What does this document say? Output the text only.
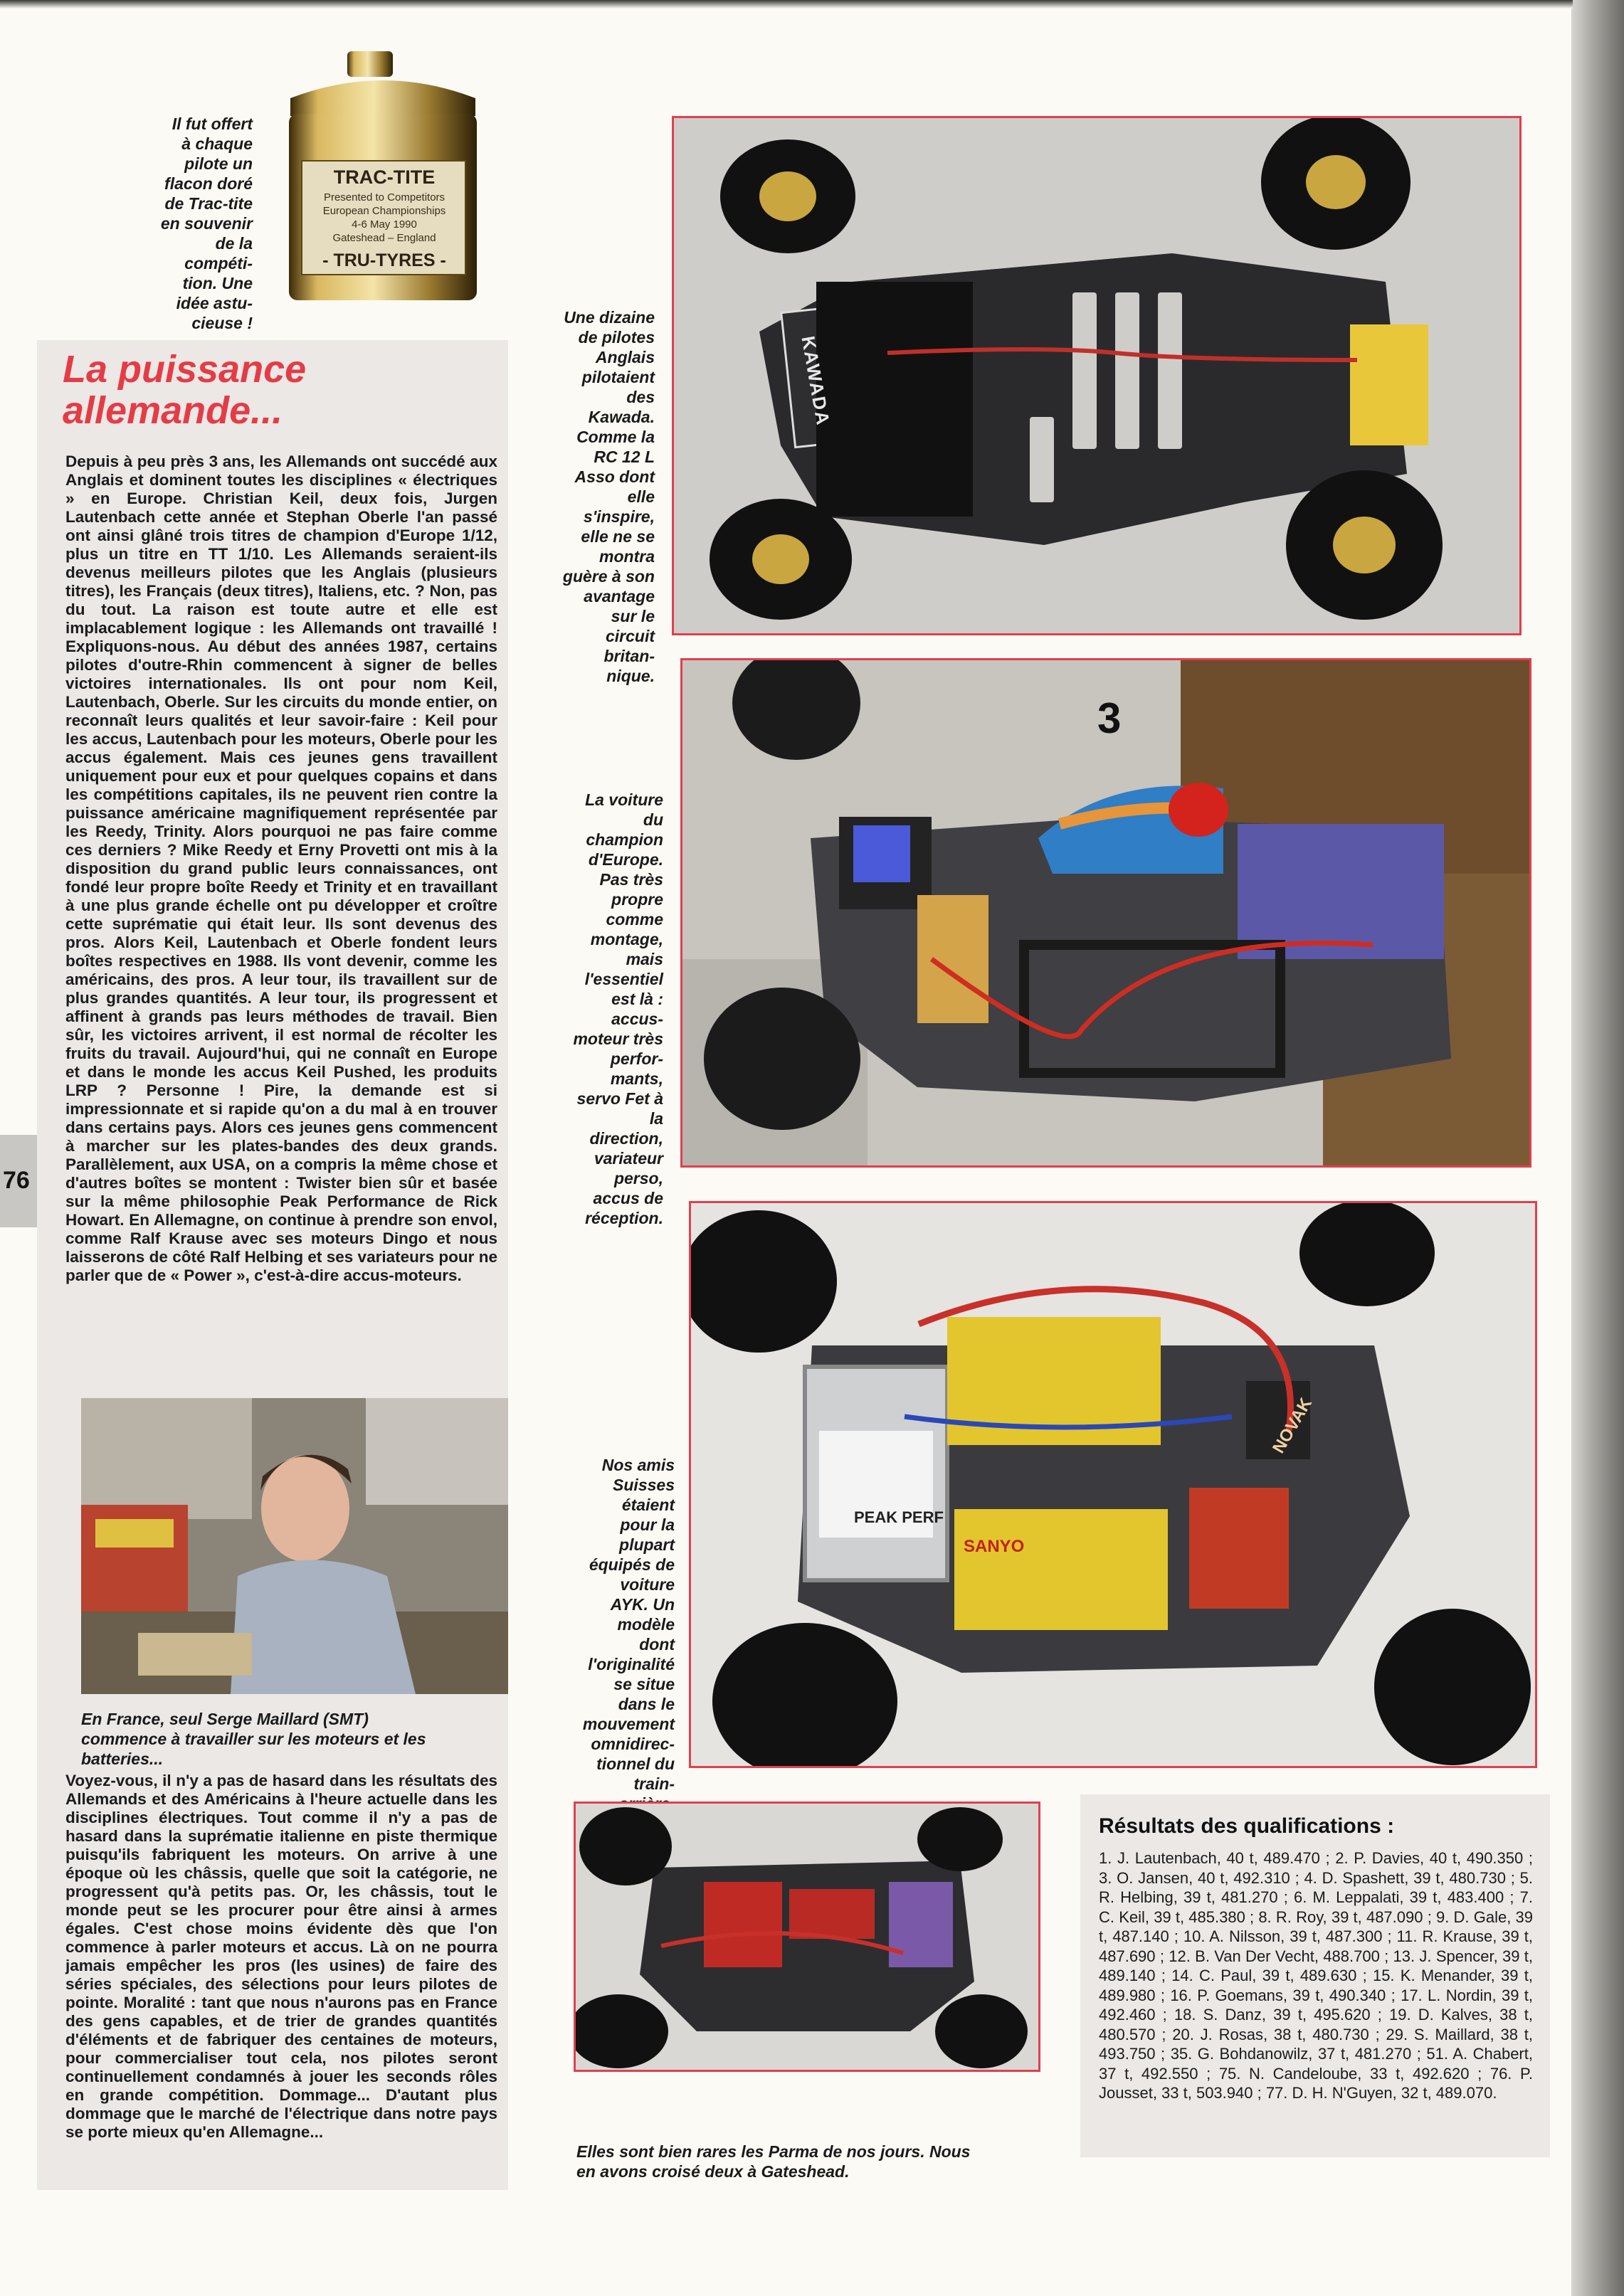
76
Il fut offert
à chaque
pilote un
flacon doré
de Trac-tite
en souvenir
de la
compéti-
tion. Une
idée astu-
cieuse !
TRAC-TITE
Presented to Competitors
European Championships
4-6 May 1990
Gateshead – England
- TRU-TYRES -
La puissance
allemande...
Depuis à peu près 3 ans, les Allemands ont succédé aux Anglais et dominent toutes les disciplines « électriques » en Europe. Christian Keil, deux fois, Jurgen Lautenbach cette année et Stephan Oberle l'an passé ont ainsi glâné trois titres de champion d'Europe 1/12, plus un titre en TT 1/10. Les Allemands seraient-ils devenus meilleurs pilotes que les Anglais (plusieurs titres), les Français (deux titres), Italiens, etc. ? Non, pas du tout. La raison est toute autre et elle est implacablement logique : les Allemands ont travaillé ! Expliquons-nous. Au début des années 1987, certains pilotes d'outre-Rhin commencent à signer de belles victoires internationales. Ils ont pour nom Keil, Lautenbach, Oberle. Sur les circuits du monde entier, on reconnaît leurs qualités et leur savoir-faire : Keil pour les accus, Lautenbach pour les moteurs, Oberle pour les accus également. Mais ces jeunes gens travaillent uniquement pour eux et pour quelques copains et dans les compétitions capitales, ils ne peuvent rien contre la puissance américaine magnifiquement représentée par les Reedy, Trinity. Alors pourquoi ne pas faire comme ces derniers ? Mike Reedy et Erny Provetti ont mis à la disposition du grand public leurs connaissances, ont fondé leur propre boîte Reedy et Trinity et en travaillant à une plus grande échelle ont pu développer et croître cette suprématie qui était leur. Ils sont devenus des pros. Alors Keil, Lautenbach et Oberle fondent leurs boîtes respectives en 1988. Ils vont devenir, comme les américains, des pros. A leur tour, ils travaillent sur de plus grandes quantités. A leur tour, ils progressent et affinent à grands pas leurs méthodes de travail. Bien sûr, les victoires arrivent, il est normal de récolter les fruits du travail. Aujourd'hui, qui ne connaît en Europe et dans le monde les accus Keil Pushed, les produits LRP ? Personne ! Pire, la demande est si impressionnate et si rapide qu'on a du mal à en trouver dans certains pays. Alors ces jeunes gens commencent à marcher sur les plates-bandes des deux grands. Parallèlement, aux USA, on a compris la même chose et d'autres boîtes se montent : Twister bien sûr et basée sur la même philosophie Peak Performance de Rick Howart. En Allemagne, on continue à prendre son envol, comme Ralf Krause avec ses moteurs Dingo et nous laisserons de côté Ralf Helbing et ses variateurs pour ne parler que de « Power », c'est-à-dire accus-moteurs.
En France, seul Serge Maillard (SMT)
commence à travailler sur les moteurs et les
batteries...
Voyez-vous, il n'y a pas de hasard dans les résultats des Allemands et des Américains à l'heure actuelle dans les disciplines électriques. Tout comme il n'y a pas de hasard dans la suprématie italienne en piste thermique puisqu'ils fabriquent les moteurs. On arrive à une époque où les châssis, quelle que soit la catégorie, ne progressent qu'à petits pas. Or, les châssis, tout le monde peut se les procurer pour être ainsi à armes égales. C'est chose moins évidente dès que l'on commence à parler moteurs et accus. Là on ne pourra jamais empêcher les pros (les usines) de faire des séries spéciales, des sélections pour leurs pilotes de pointe. Moralité : tant que nous n'aurons pas en France des gens capables, et de trier de grandes quantités d'éléments et de fabriquer des centaines de moteurs, pour commercialiser tout cela, nos pilotes seront continuellement condamnés à jouer les seconds rôles en grande compétition. Dommage... D'autant plus dommage que le marché de l'électrique dans notre pays se porte mieux qu'en Allemagne...
KAWADA
Une dizaine
de pilotes
Anglais
pilotaient
des
Kawada.
Comme la
RC 12 L
Asso dont
elle
s'inspire,
elle ne se
montra
guère à son
avantage
sur le
circuit
britan-
nique.
3
La voiture
du
champion
d'Europe.
Pas très
propre
comme
montage,
mais
l'essentiel
est là :
accus-
moteur très
perfor-
mants,
servo Fet à
la
direction,
variateur
perso,
accus de
réception.
PEAK PERF
SANYO
NOVAK
Nos amis
Suisses
étaient
pour la
plupart
équipés de
voiture
AYK. Un
modèle
dont
l'originalité
se situe
dans le
mouvement
omnidirec-
tionnel du
train-

Elles sont bien rares les Parma de nos jours. Nous
en avons croisé deux à Gateshead.
Résultats des qualifications :
1. J. Lautenbach, 40 t, 489.470 ; 2. P. Davies, 40 t, 490.350 ; 3. O. Jansen, 40 t, 492.310 ; 4. D. Spashett, 39 t, 480.730 ; 5. R. Helbing, 39 t, 481.270 ; 6. M. Leppalati, 39 t, 483.400 ; 7. C. Keil, 39 t, 485.380 ; 8. R. Roy, 39 t, 487.090 ; 9. D. Gale, 39 t, 487.140 ; 10. A. Nilsson, 39 t, 487.300 ; 11. R. Krause, 39 t, 487.690 ; 12. B. Van Der Vecht, 488.700 ; 13. J. Spencer, 39 t, 489.140 ; 14. C. Paul, 39 t, 489.630 ; 15. K. Menander, 39 t, 489.980 ; 16. P. Goemans, 39 t, 490.340 ; 17. L. Nordin, 39 t, 492.460 ; 18. S. Danz, 39 t, 495.620 ; 19. D. Kalves, 38 t, 480.570 ; 20. J. Rosas, 38 t, 480.730 ; 29. S. Maillard, 38 t, 493.750 ; 35. G. Bohdanowilz, 37 t, 481.270 ; 51. A. Chabert, 37 t, 492.550 ; 75. N. Candeloube, 33 t, 492.620 ; 76. P. Jousset, 33 t, 503.940 ; 77. D. H. N'Guyen, 32 t, 489.070.
